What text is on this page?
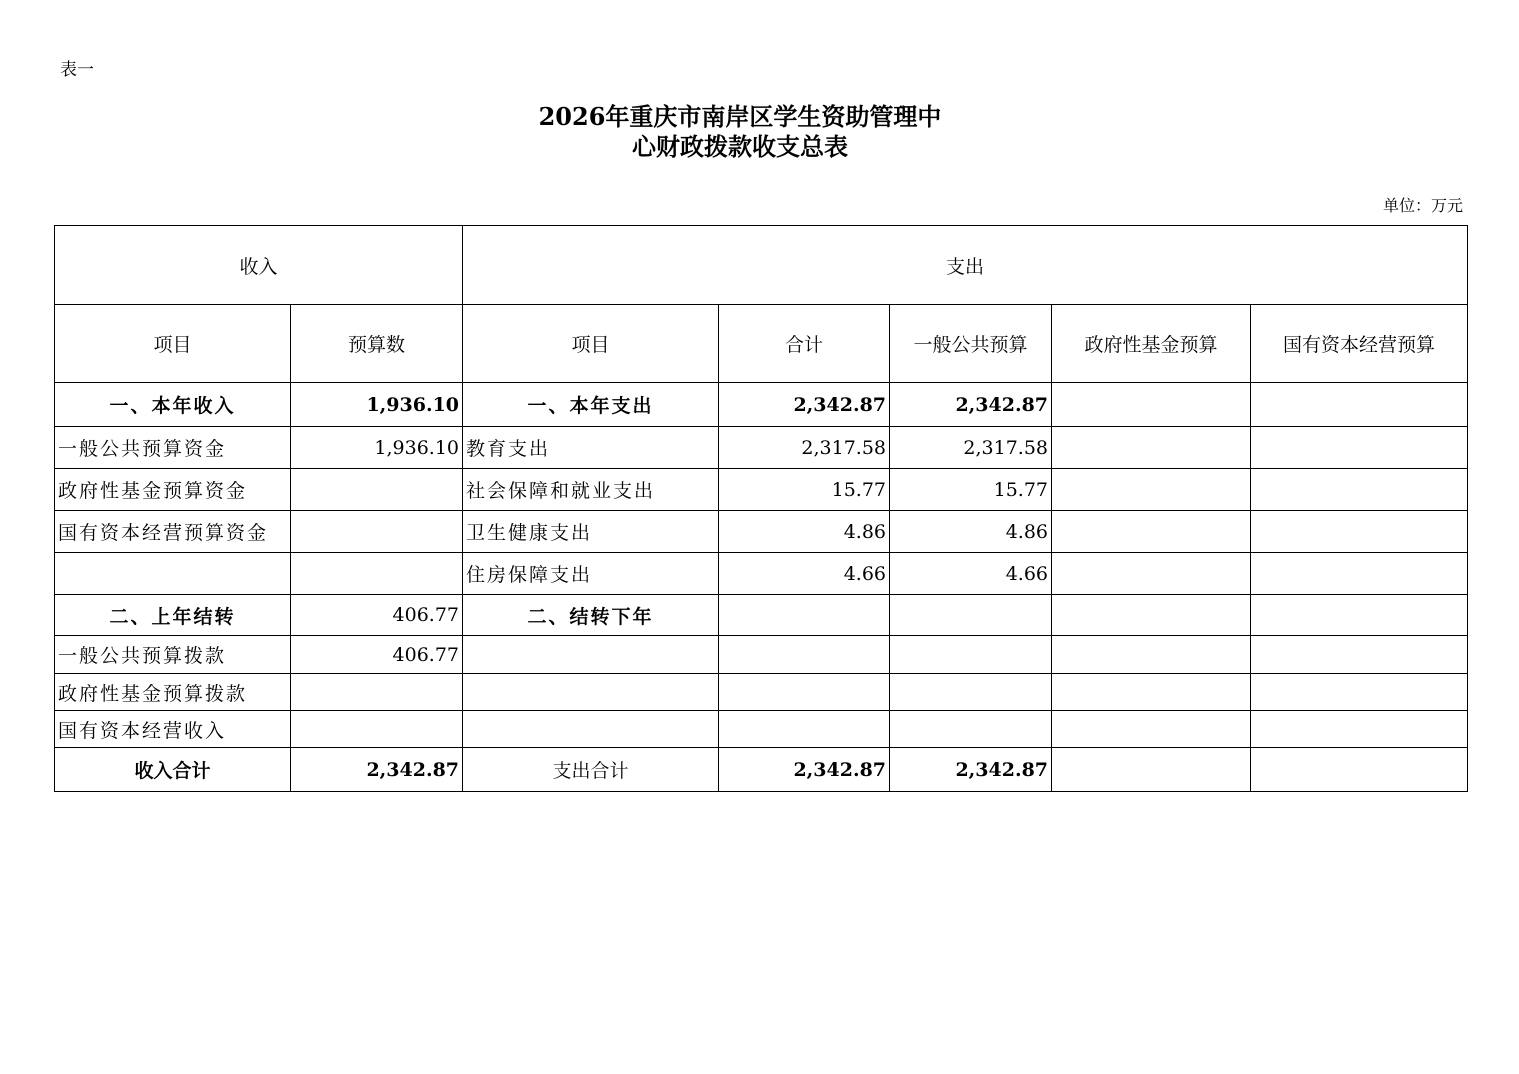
表一
2026年重庆市南岸区学生资助管理中
心财政拨款收支总表
单位：万元
收入		支出				
项目	预算数	项目	合计	一般公共预算	政府性基金预算	国有资本经营预算
一、本年收入	1,936.10	一、本年支出	2,342.87	2,342.87		
一般公共预算资金	1,936.10	教育支出	2,317.58	2,317.58		
政府性基金预算资金		社会保障和就业支出	15.77	15.77		
国有资本经营预算资金		卫生健康支出	4.86	4.86		
		住房保障支出	4.66	4.66		
二、上年结转	406.77	二、结转下年				
一般公共预算拨款	406.77					
政府性基金预算拨款						
国有资本经营收入						
收入合计	2,342.87	支出合计	2,342.87	2,342.87		
